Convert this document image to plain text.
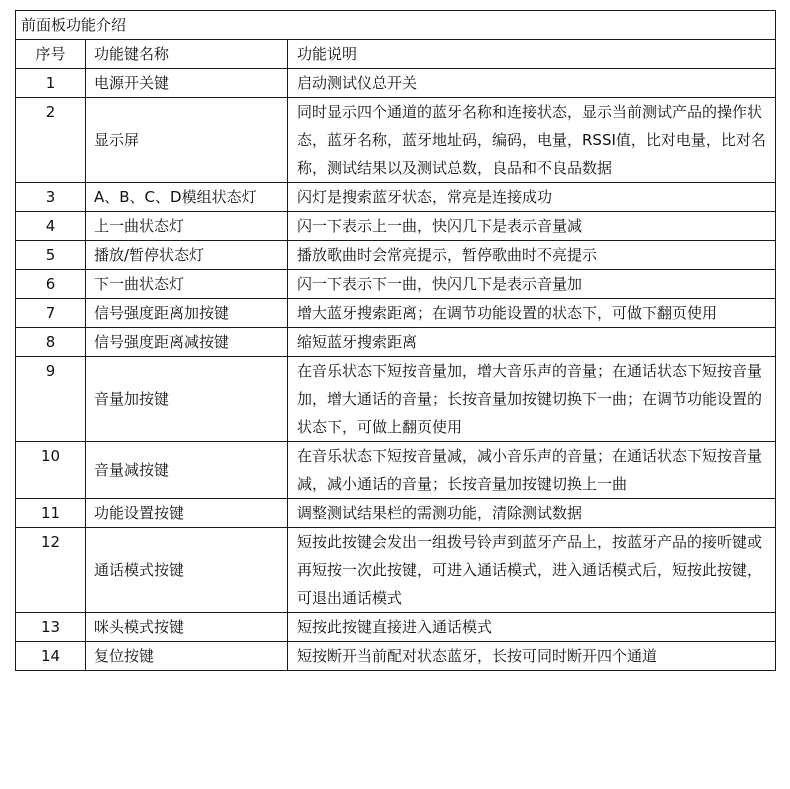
前面板功能介绍		
序号	功能键名称	功能说明
1	电源开关键	启动测试仪总开关
2	显示屏	同时显示四个通道的蓝牙名称和连接状态，显示当前测试产品的操作状态，蓝牙名称，蓝牙地址码，编码，电量，RSSI值，比对电量，比对名称，测试结果以及测试总数，良品和不良品数据
3	A、B、C、D模组状态灯	闪灯是搜索蓝牙状态，常亮是连接成功
4	上一曲状态灯	闪一下表示上一曲，快闪几下是表示音量减
5	播放/暂停状态灯	播放歌曲时会常亮提示，暂停歌曲时不亮提示
6	下一曲状态灯	闪一下表示下一曲，快闪几下是表示音量加
7	信号强度距离加按键	增大蓝牙搜索距离；在调节功能设置的状态下，可做下翻页使用
8	信号强度距离减按键	缩短蓝牙搜索距离
9	音量加按键	在音乐状态下短按音量加，增大音乐声的音量；在通话状态下短按音量加，增大通话的音量；长按音量加按键切换下一曲；在调节功能设置的状态下，可做上翻页使用
10	音量减按键	在音乐状态下短按音量减，减小音乐声的音量；在通话状态下短按音量减，减小通话的音量；长按音量加按键切换上一曲
11	功能设置按键	调整测试结果栏的需测功能，清除测试数据
12	通话模式按键	短按此按键会发出一组拨号铃声到蓝牙产品上，按蓝牙产品的接听键或再短按一次此按键，可进入通话模式，进入通话模式后，短按此按键，可退出通话模式
13	咪头模式按键	短按此按键直接进入通话模式
14	复位按键	短按断开当前配对状态蓝牙，长按可同时断开四个通道
